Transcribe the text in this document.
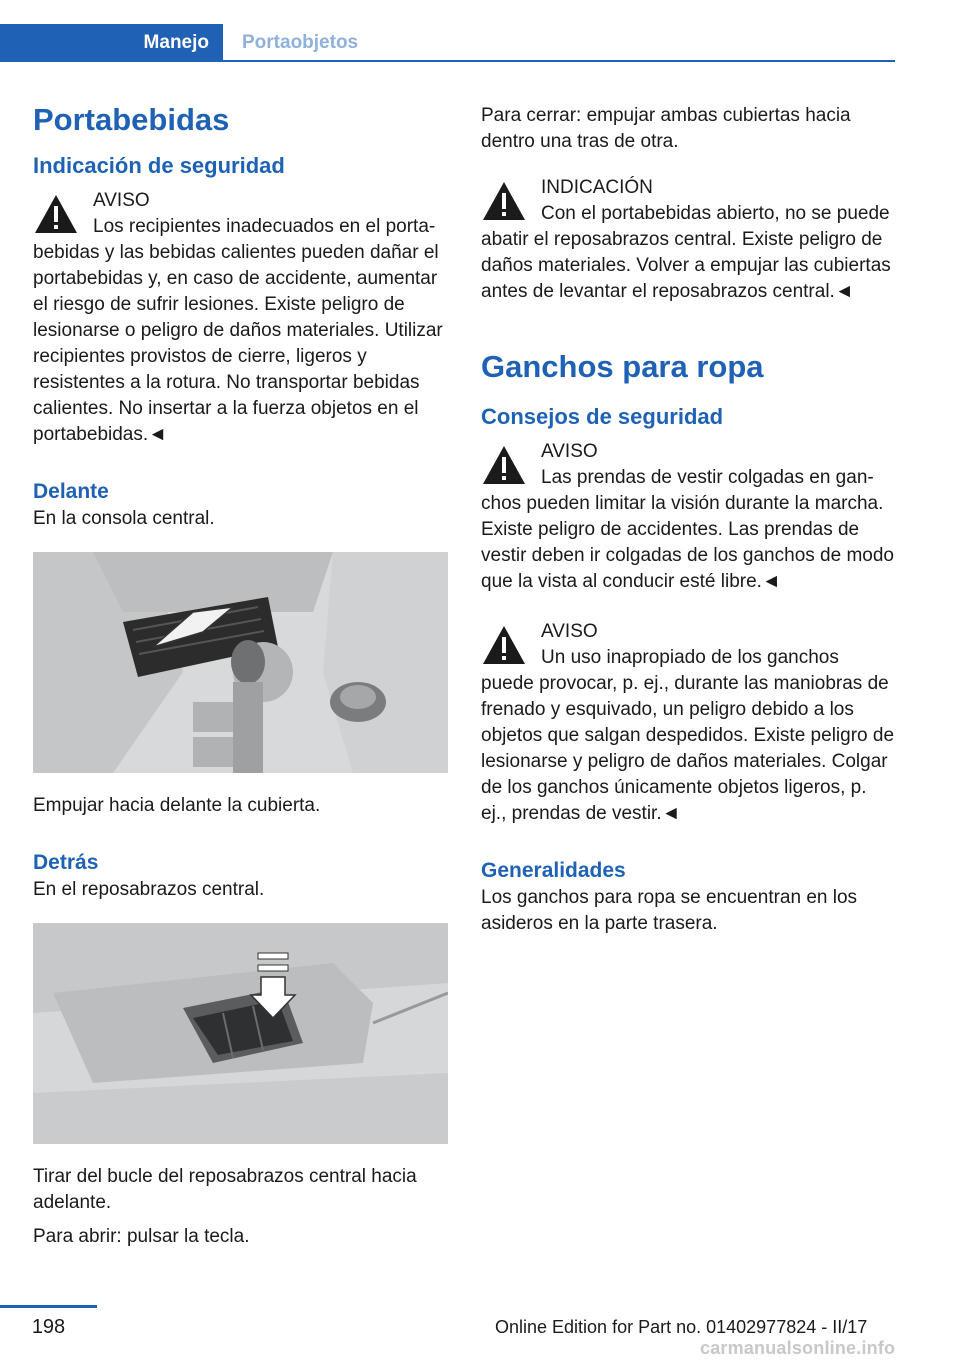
Manejo	Portaobjetos
Portabebidas
Indicación de seguridad
AVISO
Los recipientes inadecuados en el portabebidas y las bebidas calientes pueden dañar el portabebidas y, en caso de accidente, aumentar el riesgo de sufrir lesiones. Existe peligro de lesionarse o peligro de daños materiales. Utilizar recipientes provistos de cierre, ligeros y resistentes a la rotura. No transportar bebidas calientes. No insertar a la fuerza objetos en el portabebidas.◄
Delante

En la consola central.

Empujar hacia delante la cubierta.

Detrás

En el reposabrazos central.

Tirar del bucle del reposabrazos central hacia adelante.

Para abrir: pulsar la tecla.

Para cerrar: empujar ambas cubiertas hacia dentro una tras de otra.

INDICACIÓN
Con el portabebidas abierto, no se puede abatir el reposabrazos central. Existe peligro de daños materiales. Volver a empujar las cubiertas antes de levantar el reposabrazos central.◄
Ganchos para ropa
Consejos de seguridad
AVISO
Las prendas de vestir colgadas en ganchos pueden limitar la visión durante la marcha. Existe peligro de accidentes. Las prendas de vestir deben ir colgadas de los ganchos de modo que la vista al conducir esté libre.◄
AVISO
Un uso inapropiado de los ganchos puede provocar, p. ej., durante las maniobras de frenado y esquivado, un peligro debido a los objetos que salgan despedidos. Existe peligro de lesionarse y peligro de daños materiales. Colgar de los ganchos únicamente objetos ligeros, p. ej., prendas de vestir.◄
Generalidades

Los ganchos para ropa se encuentran en los asideros en la parte trasera.

198	Online Edition for Part no. 01402977824 - II/17
carmanualsonline.info
